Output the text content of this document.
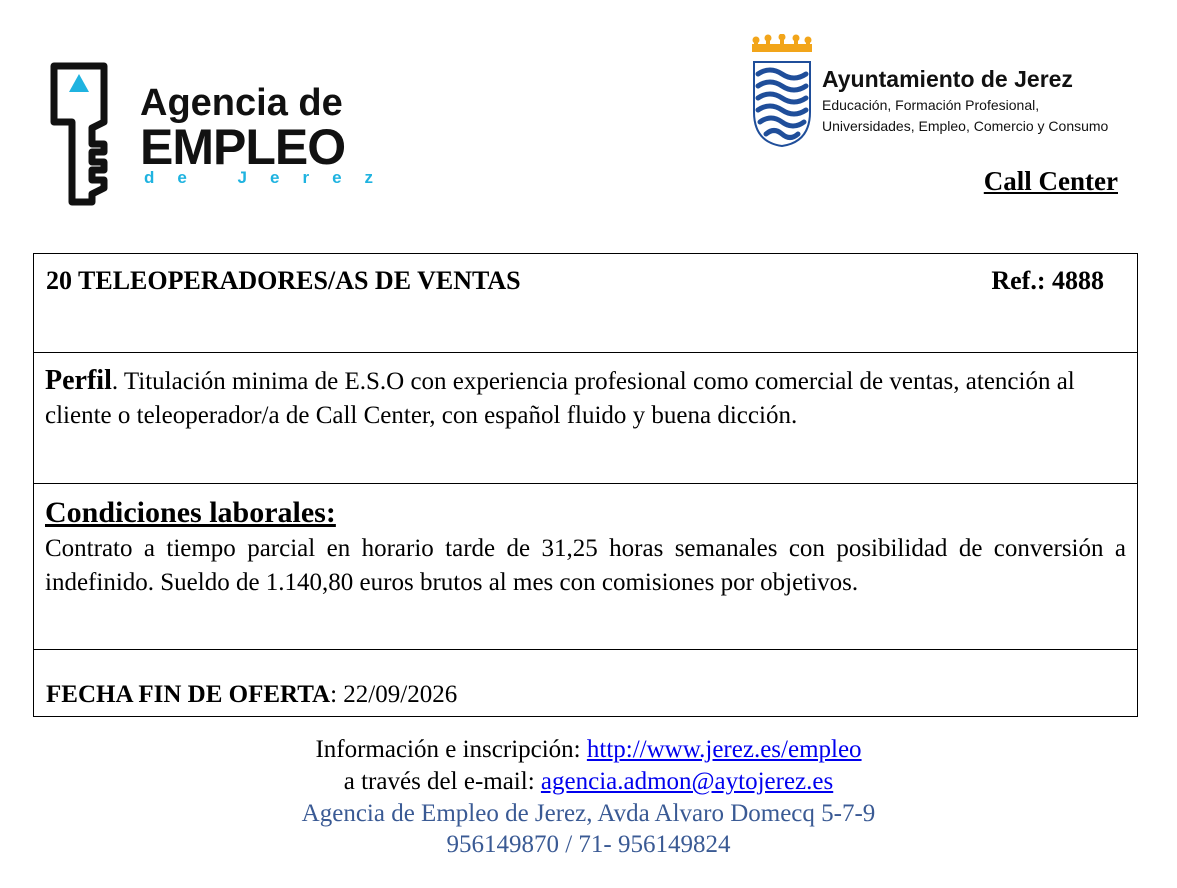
Agencia de
EMPLEO
de Jerez
Ayuntamiento de Jerez
Educación, Formación Profesional,
Universidades, Empleo, Comercio y Consumo
Call Center
20 TELEOPERADORES/AS DE VENTAS	Ref.: 4888
Perfil. Titulación minima de E.S.O con experiencia profesional como comercial de ventas, atención al cliente o teleoperador/a de Call Center, con español fluido y buena dicción.
Condiciones laborales:
Contrato a tiempo parcial en horario tarde de 31,25 horas semanales con posibilidad de conversión a indefinido. Sueldo de 1.140,80 euros brutos al mes con comisiones por objetivos.
FECHA FIN DE OFERTA: 22/09/2026
Información e inscripción: http://www.jerez.es/empleo
a través del e-mail: agencia.admon@aytojerez.es
Agencia de Empleo de Jerez, Avda Alvaro Domecq 5-7-9
956149870 / 71- 956149824
